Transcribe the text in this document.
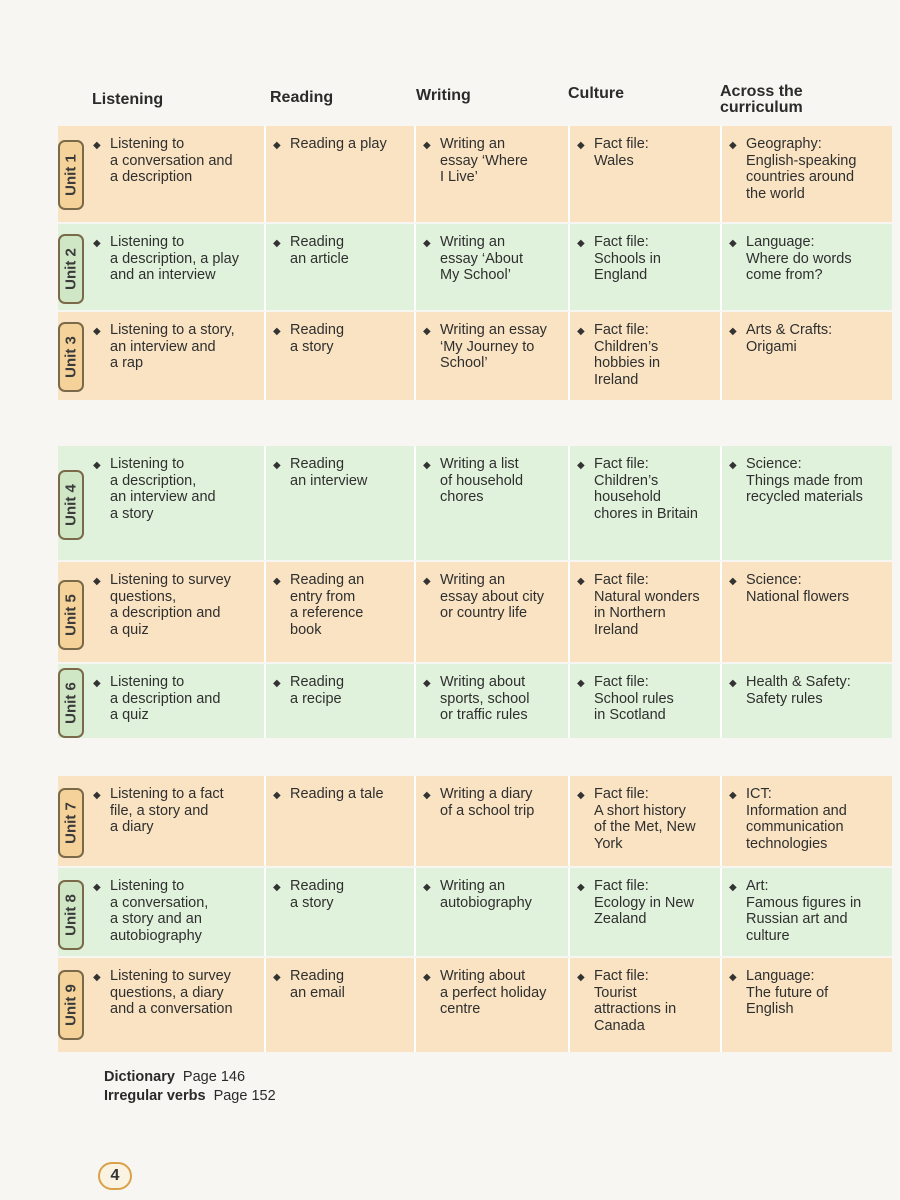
Listening	Reading	Writing	Culture	Across the
curriculum
Unit 1
◆ Listening to
a conversation and
a description
◆ Reading a play	◆ Writing an
essay ‘Where
I Live’
◆ Fact file:
Wales
◆ Geography:
English-speaking
countries around
the world
Unit 2
◆ Listening to
a description, a play
and an interview
◆ Reading
an article
◆ Writing an
essay ‘About
My School’
◆ Fact file:
Schools in
England
◆ Language:
Where do words
come from?
Unit 3
◆ Listening to a story,
an interview and
a rap
◆ Reading
a story
◆ Writing an essay
‘My Journey to
School’
◆ Fact file:
Children’s
hobbies in
Ireland
◆ Arts & Crafts:
Origami
Unit 4
◆ Listening to
a description,
an interview and
a story
◆ Reading
an interview
◆ Writing a list
of household
chores
◆ Fact file:
Children’s
household
chores in Britain
◆ Science:
Things made from
recycled materials
Unit 5
◆ Listening to survey
questions,
a description and
a quiz
◆ Reading an
entry from
a reference
book
◆ Writing an
essay about city
or country life
◆ Fact file:
Natural wonders
in Northern
Ireland
◆ Science:
National flowers
Unit 6
◆ Listening to
a description and
a quiz
◆ Reading
a recipe
◆ Writing about
sports, school
or traffic rules
◆ Fact file:
School rules
in Scotland
◆ Health & Safety:
Safety rules
Unit 7
◆ Listening to a fact
file, a story and
a diary
◆ Reading a tale	◆ Writing a diary
of a school trip
◆ Fact file:
A short history
of the Met, New
York
◆ ICT:
Information and
communication
technologies
Unit 8
◆ Listening to
a conversation,
a story and an
autobiography
◆ Reading
a story
◆ Writing an
autobiography
◆ Fact file:
Ecology in New
Zealand
◆ Art:
Famous figures in
Russian art and
culture
Unit 9
◆ Listening to survey
questions, a diary
and a conversation
◆ Reading
an email
◆ Writing about
a perfect holiday
centre
◆ Fact file:
Tourist
attractions in
Canada
◆ Language:
The future of
English
Dictionary Page 146
Irregular verbs Page 152
4
